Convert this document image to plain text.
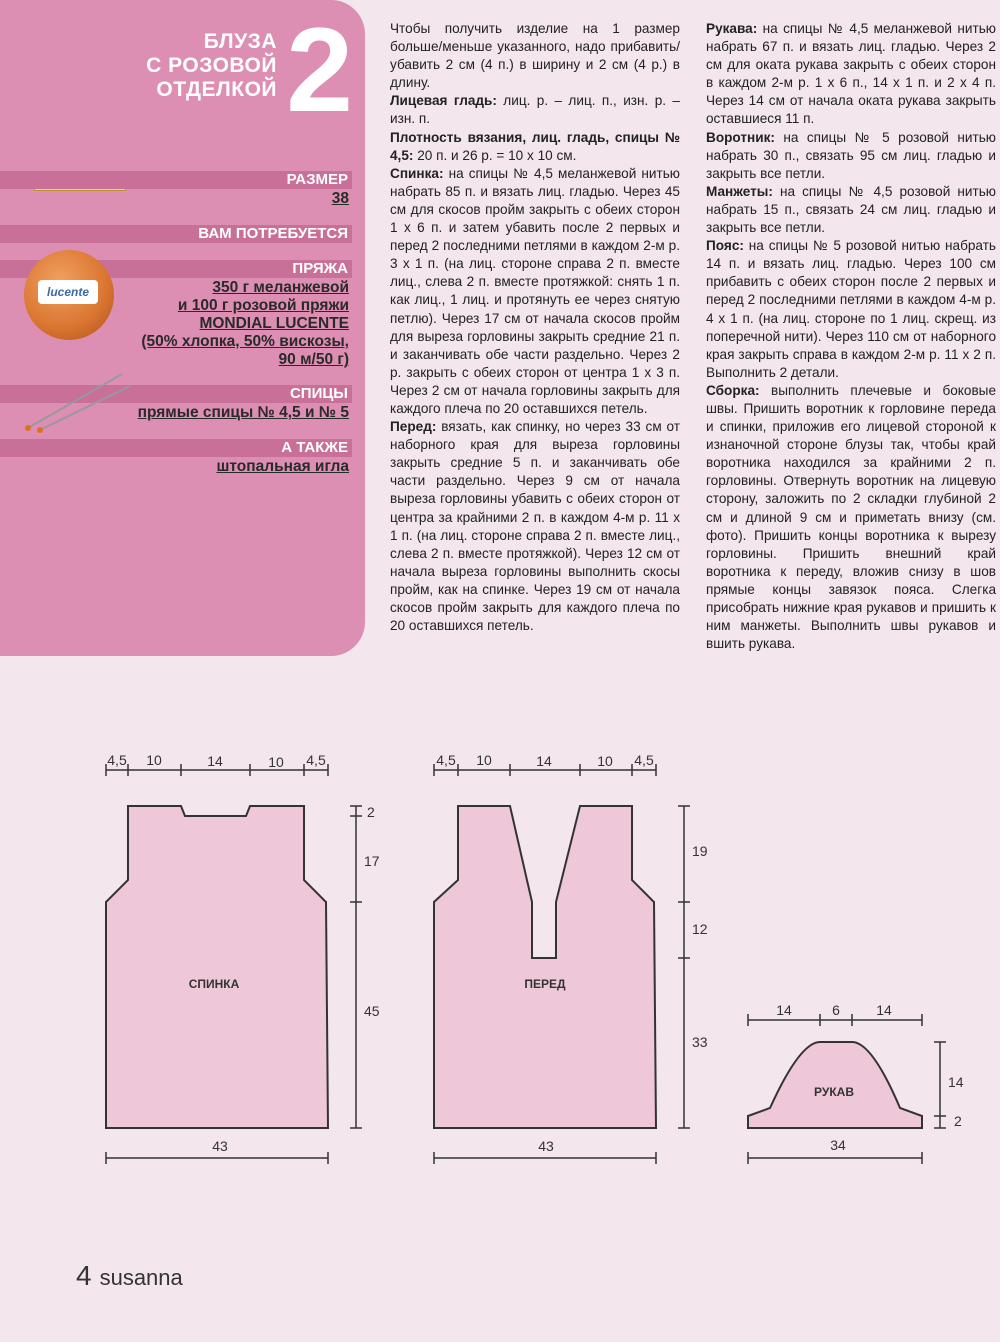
БЛУЗА
С РОЗОВОЙ
ОТДЕЛКОЙ 2
РАЗМЕР
38
ВАМ ПОТРЕБУЕТСЯ
ПРЯЖА
lucente	350 г меланжевой
и 100 г розовой пряжи
MONDIAL LUCENTE
(50% хлопка, 50% вискозы,
90 м/50 г)
СПИЦЫ
прямые спицы № 4,5 и № 5
А ТАКЖЕ
штопальная игла

Чтобы получить изделие на 1 размер больше/меньше указанного, надо прибавить/убавить 2 см (4 п.) в ширину и 2 см (4 р.) в длину.

Лицевая гладь: лиц. р. – лиц. п., изн. р. – изн. п.

Плотность вязания, лиц. гладь, спицы № 4,5: 20 п. и 26 р. = 10 x 10 см.

Спинка: на спицы № 4,5 меланжевой нитью набрать 85 п. и вязать лиц. гладью. Через 45 см для скосов пройм закрыть с обеих сторон 1 x 6 п. и затем убавить после 2 первых и перед 2 последними петлями в каждом 2-м р. 3 x 1 п. (на лиц. стороне справа 2 п. вместе лиц., слева 2 п. вместе протяжкой: снять 1 п. как лиц., 1 лиц. и протянуть ее через снятую петлю). Через 17 см от начала скосов пройм для выреза горловины закрыть средние 21 п. и заканчивать обе части раздельно. Через 2 р. закрыть с обеих сторон от центра 1 x 3 п. Через 2 см от начала горловины закрыть для каждого плеча по 20 оставшихся петель.

Перед: вязать, как спинку, но через 33 см от наборного края для выреза горловины закрыть средние 5 п. и заканчивать обе части раздельно. Через 9 см от начала выреза горловины убавить с обеих сторон от центра за крайними 2 п. в каждом 4-м р. 11 x 1 п. (на лиц. стороне справа 2 п. вместе лиц., слева 2 п. вместе протяжкой). Через 12 см от начала выреза горловины выполнить скосы пройм, как на спинке. Через 19 см от начала скосов пройм закрыть для каждого плеча по 20 оставшихся петель.

Рукава: на спицы № 4,5 меланжевой нитью набрать 67 п. и вязать лиц. гладью. Через 2 см для оката рукава закрыть с обеих сторон в каждом 2-м р. 1 x 6 п., 14 x 1 п. и 2 x 4 п. Через 14 см от начала оката рукава закрыть оставшиеся 11 п.

Воротник: на спицы № 5 розовой нитью набрать 30 п., связать 95 см лиц. гладью и закрыть все петли.

Манжеты: на спицы № 4,5 розовой нитью набрать 15 п., связать 24 см лиц. гладью и закрыть все петли.

Пояс: на спицы № 5 розовой нитью набрать 14 п. и вязать лиц. гладью. Через 100 см прибавить с обеих сторон после 2 первых и перед 2 последними петлями в каждом 4-м р. 4 x 1 п. (на лиц. стороне по 1 лиц. скрещ. из поперечной нити). Через 110 см от наборного края закрыть справа в каждом 2-м р. 11 x 2 п. Выполнить 2 детали.

Сборка: выполнить плечевые и боковые швы. Пришить воротник к горловине переда и спинки, приложив его лицевой стороной к изнаночной стороне блузы так, чтобы край воротника находился за крайними 2 п. горловины. Отвернуть воротник на лицевую сторону, заложить по 2 складки глубиной 2 см и длиной 9 см и приметать внизу (см. фото). Пришить концы воротника к вырезу горловины. Пришить внешний край воротника к переду, вложив снизу в шов прямые концы завязок пояса. Слегка присобрать нижние края рукавов и пришить к ним манжеты. Выполнить швы рукавов и вшить рукава.

СПИНКА	ПЕРЕД
РУКАВ
4,5 10	14	10 4,5
2
17
45
43
4,5 10	14	10 4,5
19
12
33
43
14	6	14
14
2
34
4 susanna
